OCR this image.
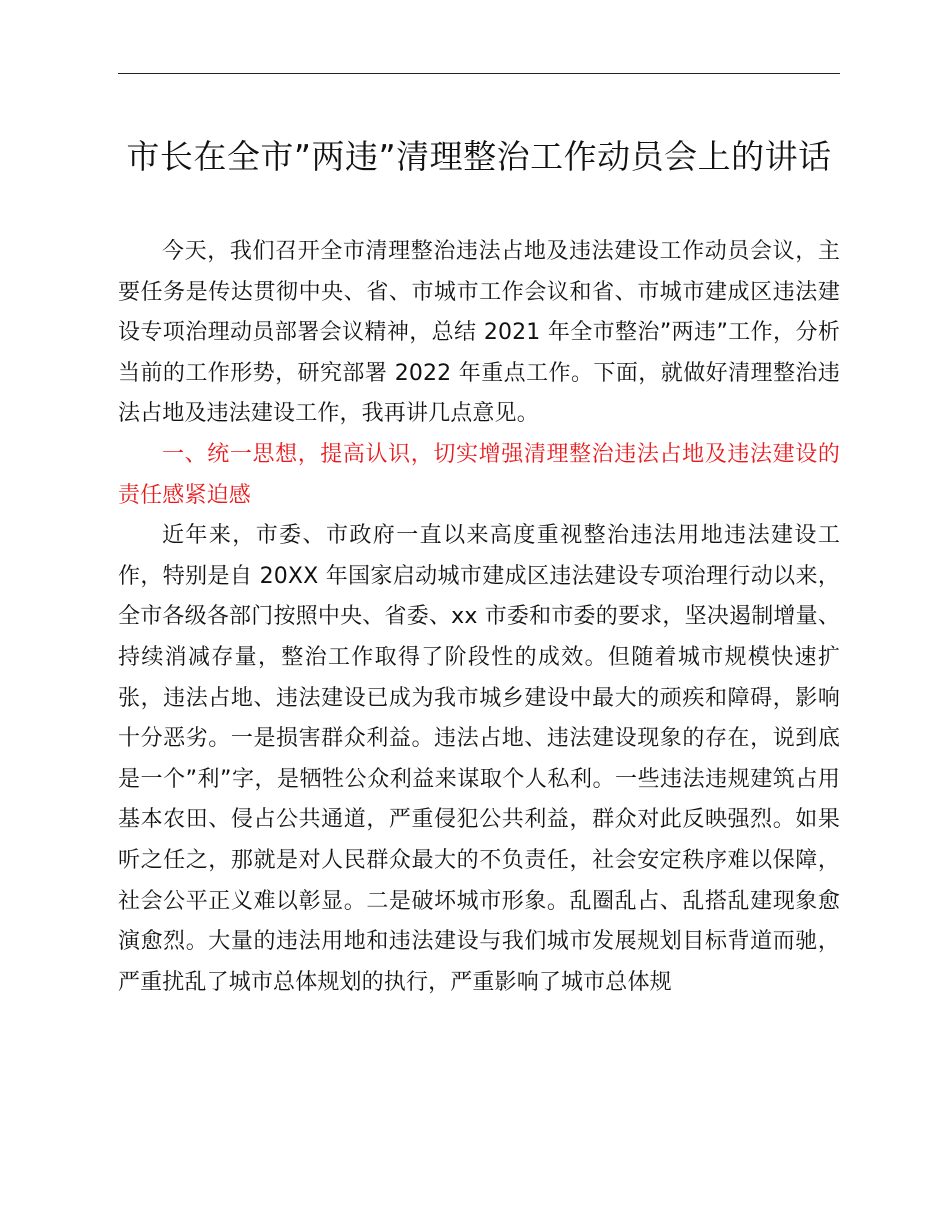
市长在全市”两违”清理整治工作动员会上的讲话

今天，我们召开全市清理整治违法占地及违法建设工作动员会议，主要任务是传达贯彻中央、省、市城市工作会议和省、市城市建成区违法建设专项治理动员部署会议精神，总结 2021 年全市整治”两违”工作，分析当前的工作形势，研究部署 2022 年重点工作。下面，就做好清理整治违法占地及违法建设工作，我再讲几点意见。

一、统一思想，提高认识，切实增强清理整治违法占地及违法建设的责任感紧迫感

近年来，市委、市政府一直以来高度重视整治违法用地违法建设工作，特别是自 20XX 年国家启动城市建成区违法建设专项治理行动以来，全市各级各部门按照中央、省委、xx 市委和市委的要求，坚决遏制增量、持续消减存量，整治工作取得了阶段性的成效。但随着城市规模快速扩张，违法占地、违法建设已成为我市城乡建设中最大的顽疾和障碍，影响十分恶劣。一是损害群众利益。违法占地、违法建设现象的存在，说到底是一个”利”字，是牺牲公众利益来谋取个人私利。一些违法违规建筑占用基本农田、侵占公共通道，严重侵犯公共利益，群众对此反映强烈。如果听之任之，那就是对人民群众最大的不负责任，社会安定秩序难以保障，社会公平正义难以彰显。二是破坏城市形象。乱圈乱占、乱搭乱建现象愈演愈烈。大量的违法用地和违法建设与我们城市发展规划目标背道而驰，严重扰乱了城市总体规划的执行，严重影响了城市总体规
